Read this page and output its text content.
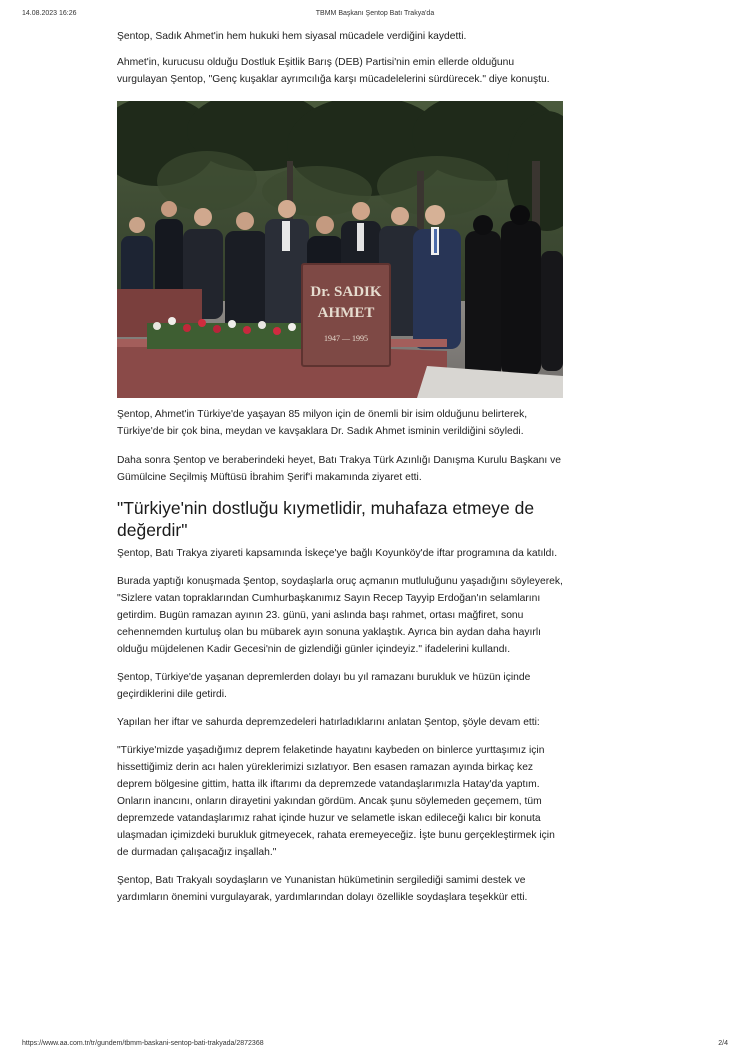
14.08.2023 16:26	TBMM Başkanı Şentop Batı Trakya'da

Şentop, Sadık Ahmet'in hem hukuki hem siyasal mücadele verdiğini kaydetti.

Ahmet'in, kurucusu olduğu Dostluk Eşitlik Barış (DEB) Partisi'nin emin ellerde olduğunu vurgulayan Şentop, "Genç kuşaklar ayrımcılığa karşı mücadelelerini sürdürecek." diye konuştu.

Dr. SADIK
AHMET
1947 — 1995

Şentop, Ahmet'in Türkiye'de yaşayan 85 milyon için de önemli bir isim olduğunu belirterek, Türkiye'de bir çok bina, meydan ve kavşaklara Dr. Sadık Ahmet isminin verildiğini söyledi.

Daha sonra Şentop ve beraberindeki heyet, Batı Trakya Türk Azınlığı Danışma Kurulu Başkanı ve Gümülcine Seçilmiş Müftüsü İbrahim Şerif'i makamında ziyaret etti.

"Türkiye'nin dostluğu kıymetlidir, muhafaza etmeye de değerdir"

Şentop, Batı Trakya ziyareti kapsamında İskeçe'ye bağlı Koyunköy'de iftar programına da katıldı.

Burada yaptığı konuşmada Şentop, soydaşlarla oruç açmanın mutluluğunu yaşadığını söyleyerek, "Sizlere vatan topraklarından Cumhurbaşkanımız Sayın Recep Tayyip Erdoğan'ın selamlarını getirdim. Bugün ramazan ayının 23. günü, yani aslında başı rahmet, ortası mağfiret, sonu cehennemden kurtuluş olan bu mübarek ayın sonuna yaklaştık. Ayrıca bin aydan daha hayırlı olduğu müjdelenen Kadir Gecesi'nin de gizlendiği günler içindeyiz." ifadelerini kullandı.

Şentop, Türkiye'de yaşanan depremlerden dolayı bu yıl ramazanı burukluk ve hüzün içinde geçirdiklerini dile getirdi.

Yapılan her iftar ve sahurda depremzedeleri hatırladıklarını anlatan Şentop, şöyle devam etti:

"Türkiye'mizde yaşadığımız deprem felaketinde hayatını kaybeden on binlerce yurttaşımız için hissettiğimiz derin acı halen yüreklerimizi sızlatıyor. Ben esasen ramazan ayında birkaç kez deprem bölgesine gittim, hatta ilk iftarımı da depremzede vatandaşlarımızla Hatay'da yaptım. Onların inancını, onların dirayetini yakından gördüm. Ancak şunu söylemeden geçemem, tüm depremzede vatandaşlarımız rahat içinde huzur ve selametle iskan edileceği kalıcı bir konuta ulaşmadan içimizdeki burukluk gitmeyecek, rahata eremeyeceğiz. İşte bunu gerçekleştirmek için de durmadan çalışacağız inşallah."

Şentop, Batı Trakyalı soydaşların ve Yunanistan hükümetinin sergilediği samimi destek ve yardımların önemini vurgulayarak, yardımlarından dolayı özellikle soydaşlara teşekkür etti.

https://www.aa.com.tr/tr/gundem/tbmm-baskani-sentop-bati-trakyada/2872368	2/4
